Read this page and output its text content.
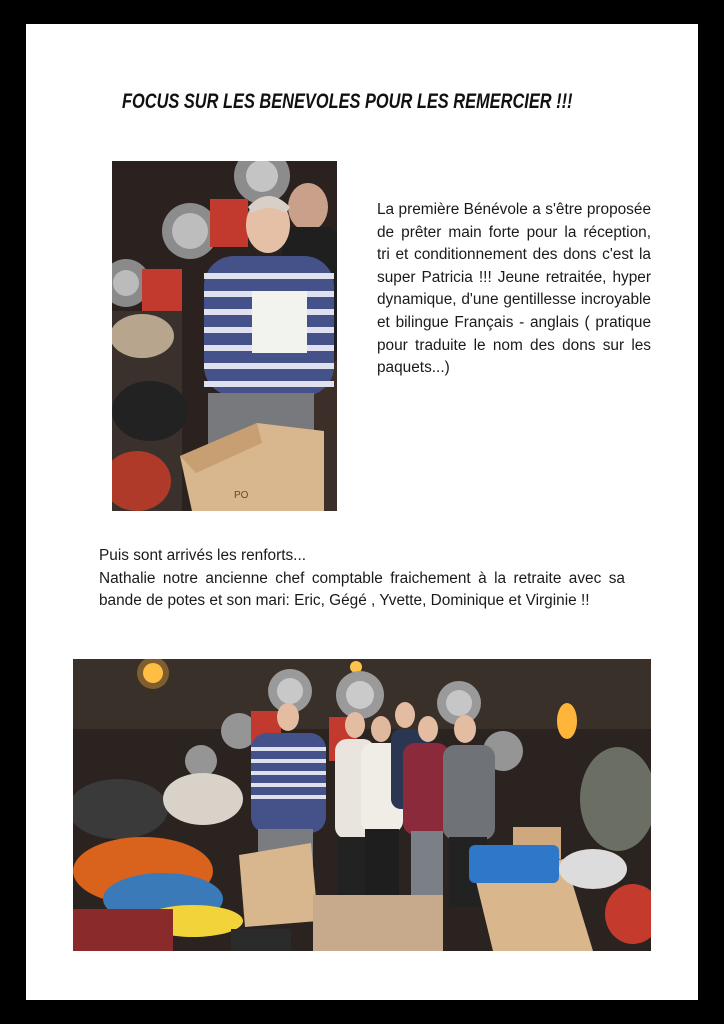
FOCUS SUR LES BENEVOLES POUR LES REMERCIER !!!
PO

La première Bénévole a s'être proposée de prêter main forte pour la réception, tri et conditionnement des dons c'est la super Patricia !!! Jeune retraitée, hyper dynamique, d'une gentillesse incroyable et bilingue Français - anglais ( pratique pour traduite le nom des dons sur les paquets...)

Puis sont arrivés les renforts...
Nathalie notre ancienne chef comptable fraichement à la retraite avec sa bande de potes et son mari: Eric, Gégé , Yvette, Dominique et Virginie !!
